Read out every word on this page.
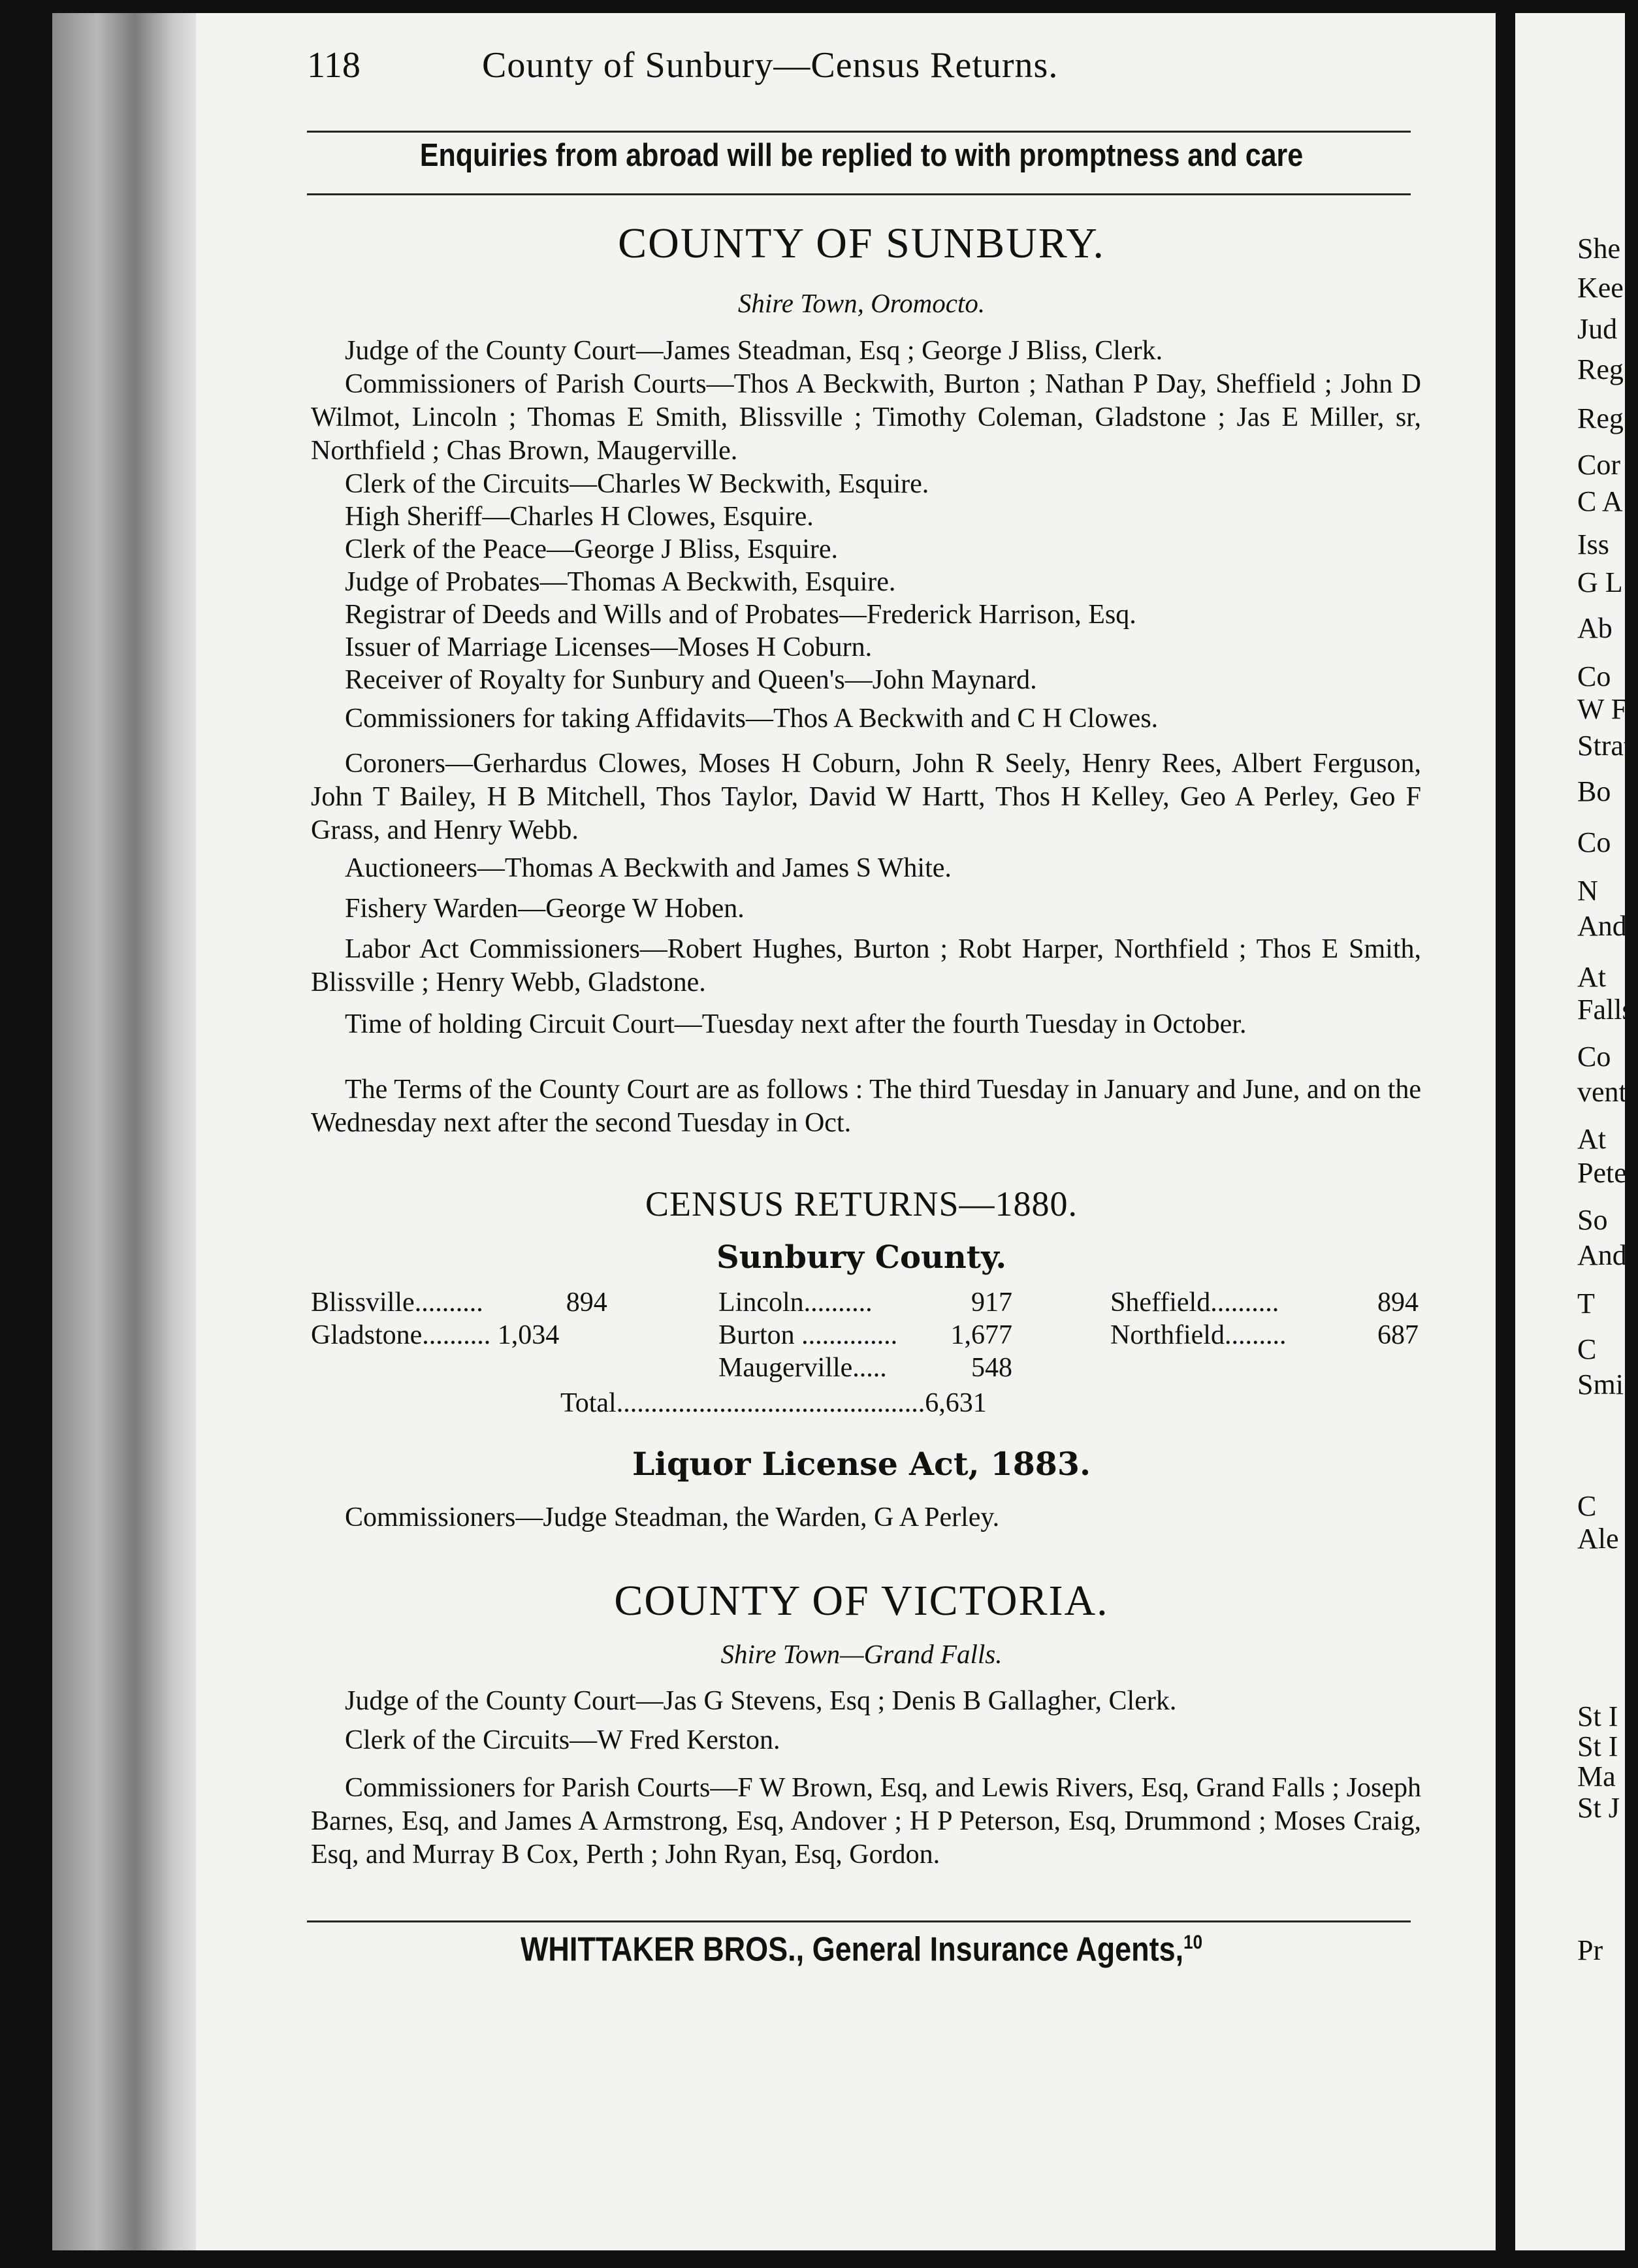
She
Kee
Jud
Reg
Reg
Cor
C A I
Iss
G L
Ab
Co
W F
Strat
Bo
Co
N
And
At
Falls
Co
vent
At
Pete
So
And
T
C
Smi
C
Ale
St I
St I
Ma
St J
Pr
118	County of Sunbury—Census Returns.
Enquiries from abroad will be replied to with promptness and care
COUNTY OF SUNBURY.
Shire Town, Oromocto.
Judge of the County Court—James Steadman, Esq ; George J Bliss, Clerk.
Commissioners of Parish Courts—Thos A Beckwith, Burton ; Nathan P Day, Sheffield ; John D Wilmot, Lincoln ; Thomas E Smith, Blissville ; Timothy Coleman, Gladstone ; Jas E Miller, sr, Northfield ; Chas Brown, Maugerville.
Clerk of the Circuits—Charles W Beckwith, Esquire.
High Sheriff—Charles H Clowes, Esquire.
Clerk of the Peace—George J Bliss, Esquire.
Judge of Probates—Thomas A Beckwith, Esquire.
Registrar of Deeds and Wills and of Probates—Frederick Harrison, Esq.
Issuer of Marriage Licenses—Moses H Coburn.
Receiver of Royalty for Sunbury and Queen's—John Maynard.
Commissioners for taking Affidavits—Thos A Beckwith and C H Clowes.
Coroners—Gerhardus Clowes, Moses H Coburn, John R Seely, Henry Rees, Albert Ferguson, John T Bailey, H B Mitchell, Thos Taylor, David W Hartt, Thos H Kelley, Geo A Perley, Geo F Grass, and Henry Webb.
Auctioneers—Thomas A Beckwith and James S White.
Fishery Warden—George W Hoben.
Labor Act Commissioners—Robert Hughes, Burton ; Robt Harper, Northfield ; Thos E Smith, Blissville ; Henry Webb, Gladstone.
Time of holding Circuit Court—Tuesday next after the fourth Tuesday in October.
The Terms of the County Court are as follows : The third Tuesday in January and June, and on the Wednesday next after the second Tuesday in Oct.
CENSUS RETURNS—1880.
Sunbury County.
Blissville..........	894
Gladstone.......... 1,034
Lincoln..........	917
Burton .............. 1,677
Maugerville.....	548
Sheffield..........	894
Northfield.........	687
Total.............................................6,631
Liquor License Act, 1883.
Commissioners—Judge Steadman, the Warden, G A Perley.
COUNTY OF VICTORIA.
Shire Town—Grand Falls.
Judge of the County Court—Jas G Stevens, Esq ; Denis B Gallagher, Clerk.
Clerk of the Circuits—W Fred Kerston.
Commissioners for Parish Courts—F W Brown, Esq, and Lewis Rivers, Esq, Grand Falls ; Joseph Barnes, Esq, and James A Armstrong, Esq, Andover ; H P Peterson, Esq, Drummond ; Moses Craig, Esq, and Murray B Cox, Perth ; John Ryan, Esq, Gordon.
WHITTAKER BROS., General Insurance Agents,$^{10}$
